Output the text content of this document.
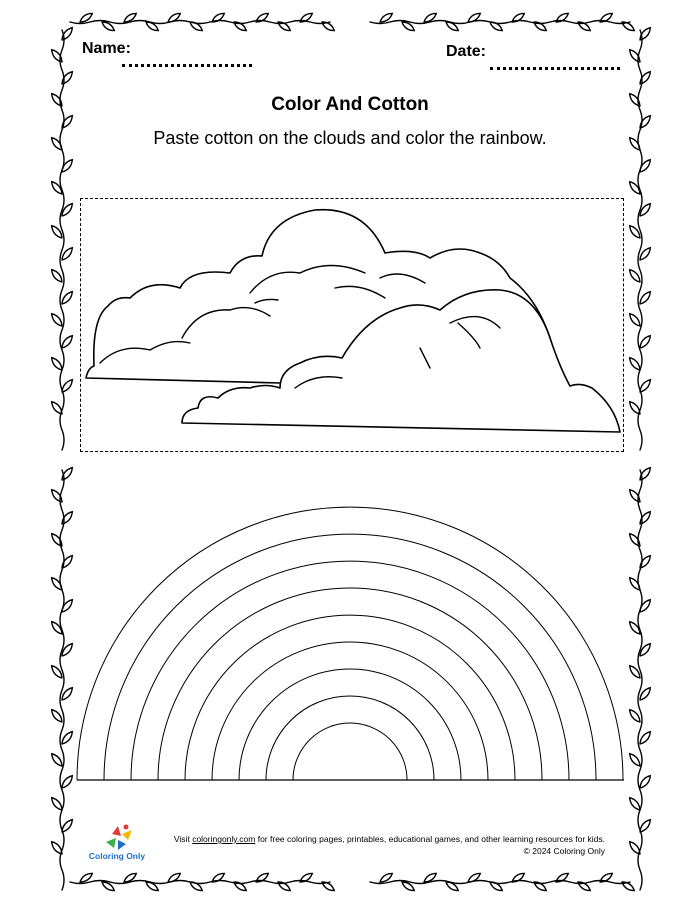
Name:	Date:
Color And Cotton
Paste cotton on the clouds and color the rainbow.
Coloring Only
Visit coloringonly.com for free coloring pages, printables, educational games, and other learning resources for kids.
© 2024 Coloring Only
